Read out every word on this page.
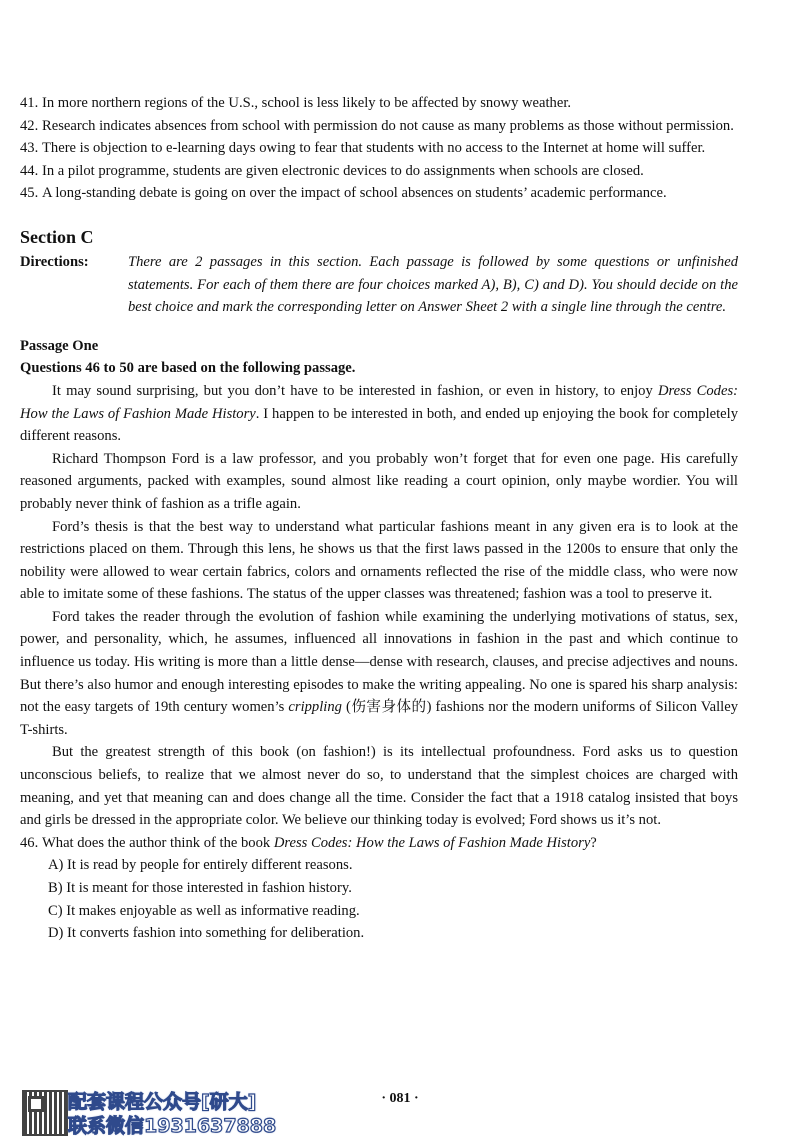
41. In more northern regions of the U.S., school is less likely to be affected by snowy weather.
42. Research indicates absences from school with permission do not cause as many problems as those without permission.
43. There is objection to e-learning days owing to fear that students with no access to the Internet at home will suffer.
44. In a pilot programme, students are given electronic devices to do assignments when schools are closed.
45. A long-standing debate is going on over the impact of school absences on students’ academic performance.
Section C
Directions:	There are 2 passages in this section. Each passage is followed by some questions or unfinished statements. For each of them there are four choices marked A), B), C) and D). You should decide on the best choice and mark the corresponding letter on Answer Sheet 2 with a single line through the centre.
Passage One
Questions 46 to 50 are based on the following passage.

It may sound surprising, but you don’t have to be interested in fashion, or even in history, to enjoy Dress Codes: How the Laws of Fashion Made History. I happen to be interested in both, and ended up enjoying the book for completely different reasons.

Richard Thompson Ford is a law professor, and you probably won’t forget that for even one page. His carefully reasoned arguments, packed with examples, sound almost like reading a court opinion, only maybe wordier. You will probably never think of fashion as a trifle again.

Ford’s thesis is that the best way to understand what particular fashions meant in any given era is to look at the restrictions placed on them. Through this lens, he shows us that the first laws passed in the 1200s to ensure that only the nobility were allowed to wear certain fabrics, colors and ornaments reflected the rise of the middle class, who were now able to imitate some of these fashions. The status of the upper classes was threatened; fashion was a tool to preserve it.

Ford takes the reader through the evolution of fashion while examining the underlying motivations of status, sex, power, and personality, which, he assumes, influenced all innovations in fashion in the past and which continue to influence us today. His writing is more than a little dense—dense with research, clauses, and precise adjectives and nouns. But there’s also humor and enough interesting episodes to make the writing appealing. No one is spared his sharp analysis: not the easy targets of 19th century women’s crippling (伤害身体的) fashions nor the modern uniforms of Silicon Valley T-shirts.

But the greatest strength of this book (on fashion!) is its intellectual profoundness. Ford asks us to question unconscious beliefs, to realize that we almost never do so, to understand that the simplest choices are charged with meaning, and yet that meaning can and does change all the time. Consider the fact that a 1918 catalog insisted that boys and girls be dressed in the appropriate color. We believe our thinking today is evolved; Ford shows us it’s not.

46. What does the author think of the book Dress Codes: How the Laws of Fashion Made History?
A) It is read by people for entirely different reasons.
B) It is meant for those interested in fashion history.
C) It makes enjoyable as well as informative reading.
D) It converts fashion into something for deliberation.
· 081 ·
配套课程公众号[研大]
联系微信1931637888
